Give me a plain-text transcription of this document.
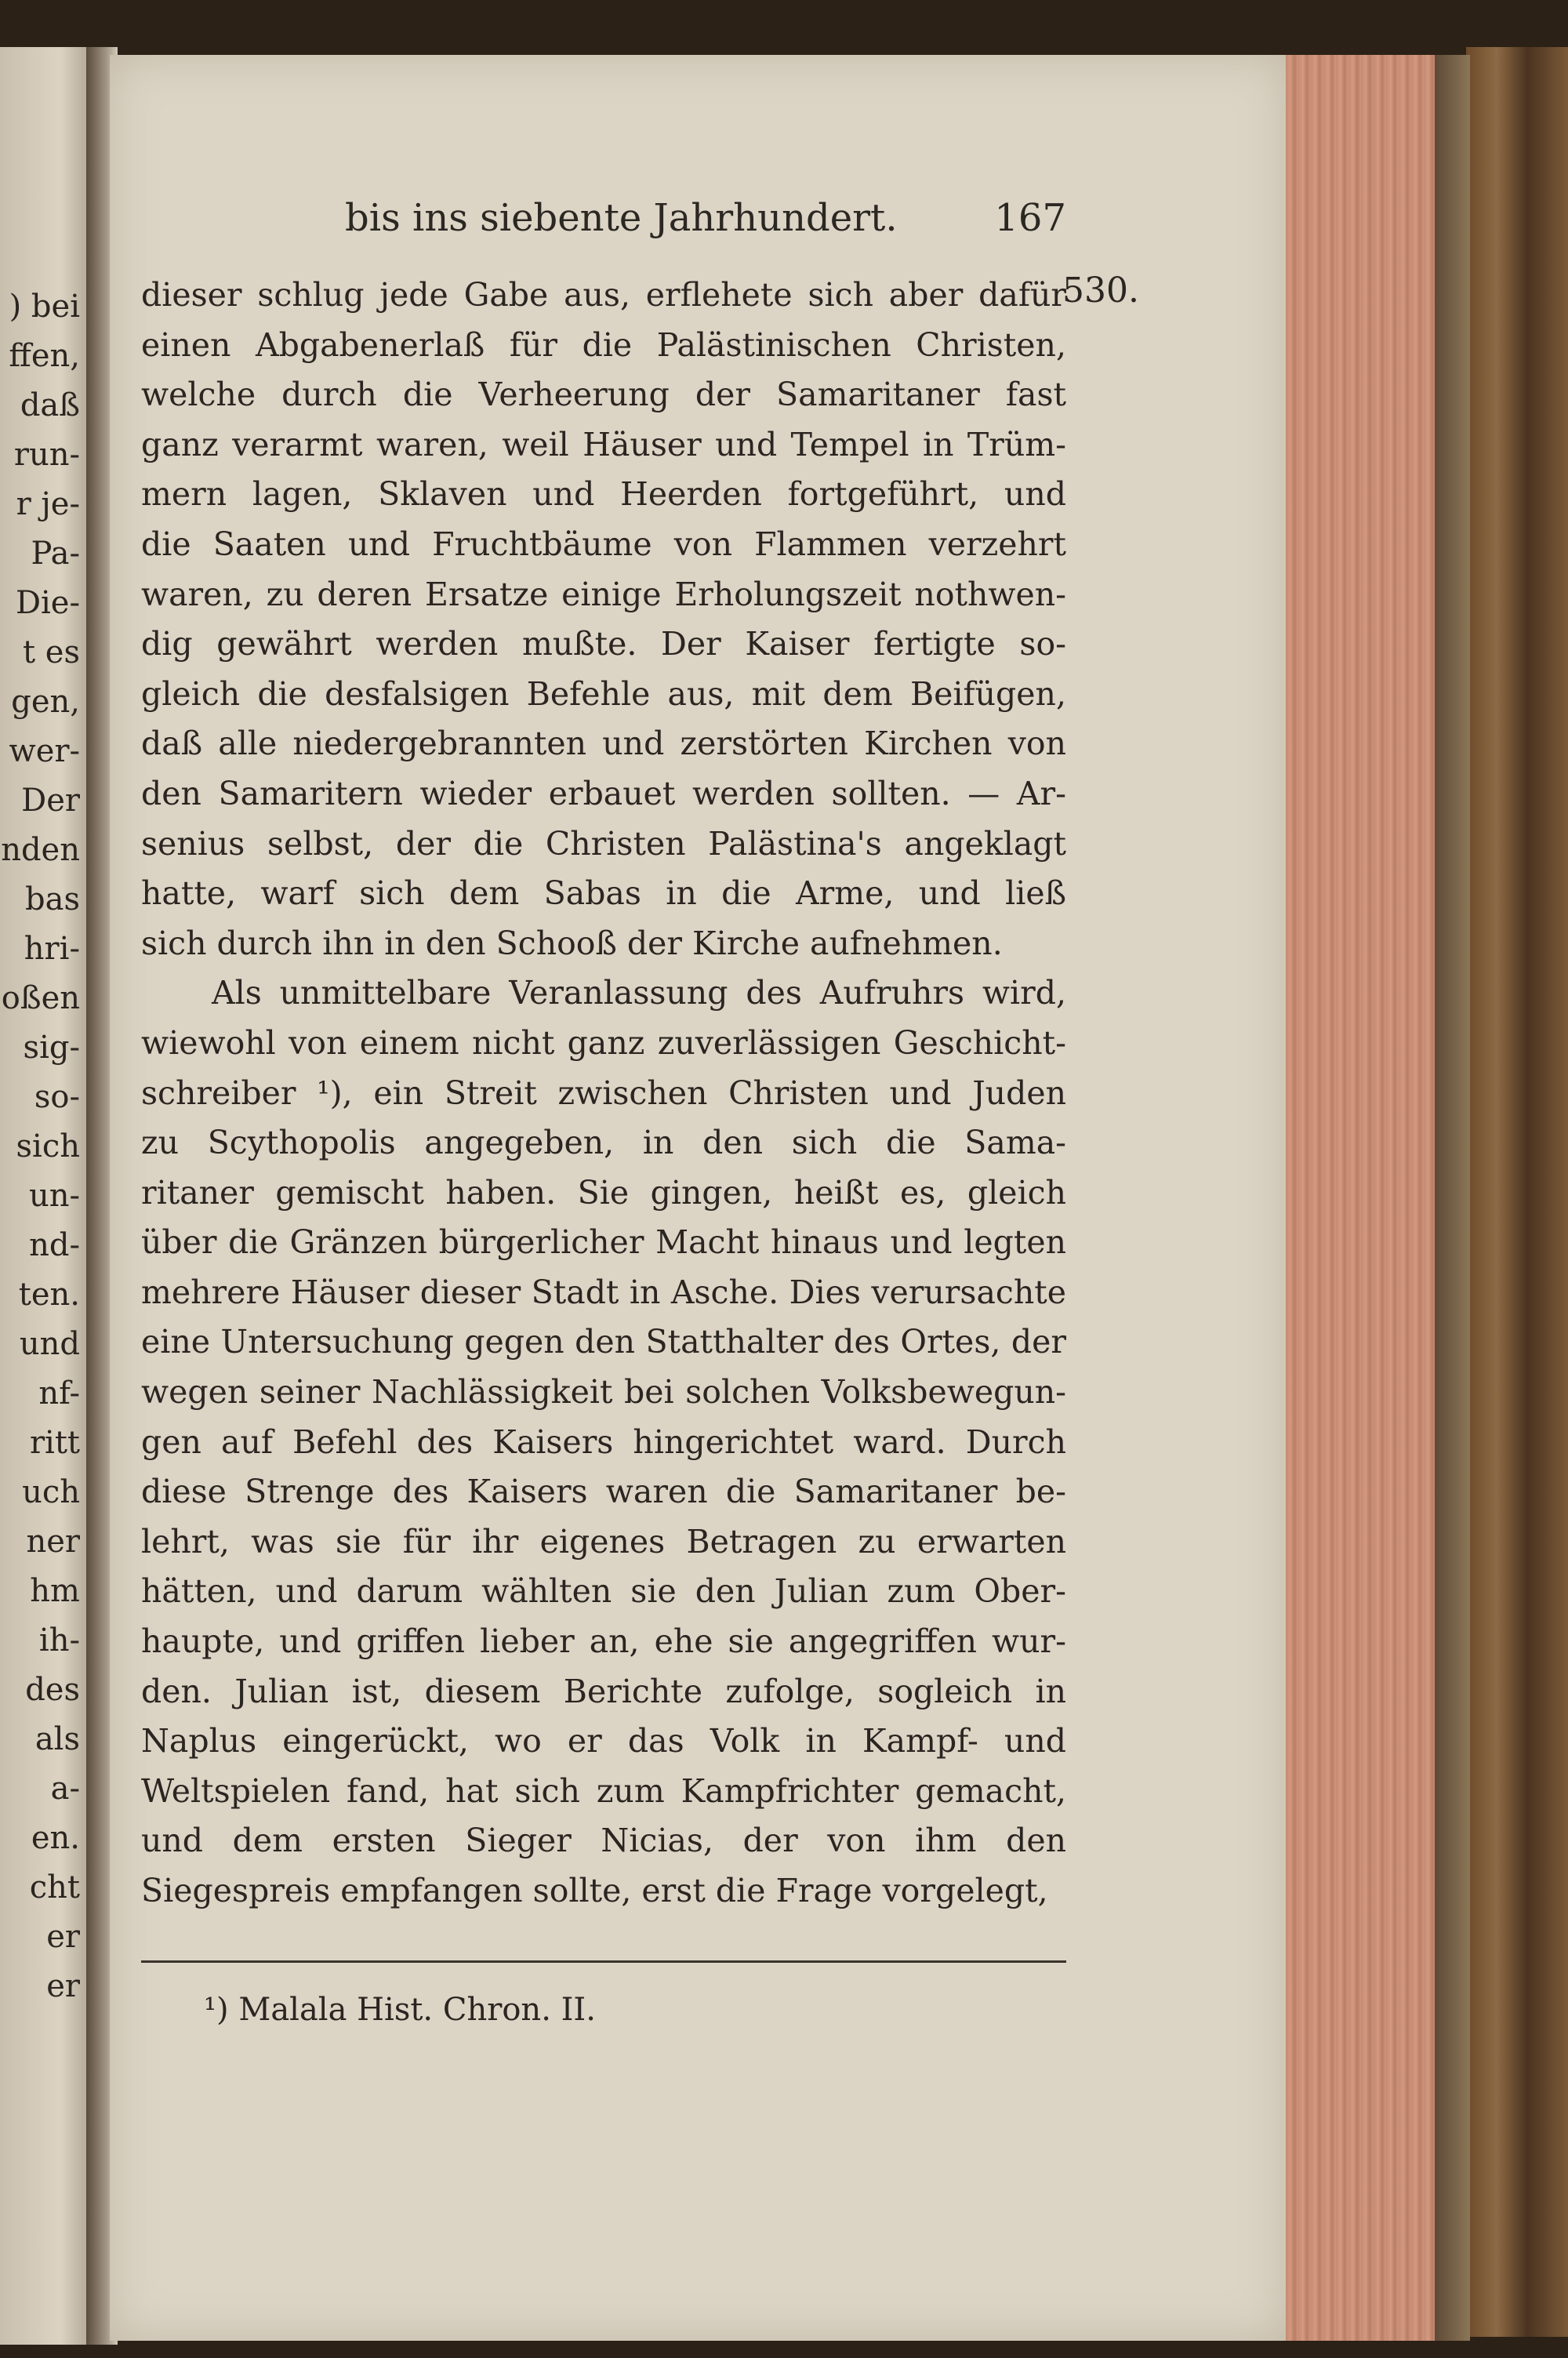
) bei
ffen,
daß
run-
r je-
Pa-
Die-
t es
gen,
wer-
Der
nden
bas
hri-
oßen
sig-
so-
sich
un-
nd-
ten.
und
nf-
ritt
uch
ner
hm
ih-
des
als
a-
en.
cht
er
er
bis ins siebente Jahrhundert.	167
530.
dieser schlug jede Gabe aus, erflehete sich aber dafür
einen Abgabenerlaß für die Palästinischen Christen,
welche durch die Verheerung der Samaritaner fast
ganz verarmt waren, weil Häuser und Tempel in Trüm-
mern lagen, Sklaven und Heerden fortgeführt, und
die Saaten und Fruchtbäume von Flammen verzehrt
waren, zu deren Ersatze einige Erholungszeit nothwen-
dig gewährt werden mußte. Der Kaiser fertigte so-
gleich die desfalsigen Befehle aus, mit dem Beifügen,
daß alle niedergebrannten und zerstörten Kirchen von
den Samaritern wieder erbauet werden sollten. — Ar-
senius selbst, der die Christen Palästina's angeklagt
hatte, warf sich dem Sabas in die Arme, und ließ
sich durch ihn in den Schooß der Kirche aufnehmen.
Als unmittelbare Veranlassung des Aufruhrs wird,
wiewohl von einem nicht ganz zuverlässigen Geschicht-
schreiber ¹), ein Streit zwischen Christen und Juden
zu Scythopolis angegeben, in den sich die Sama-
ritaner gemischt haben. Sie gingen, heißt es, gleich
über die Gränzen bürgerlicher Macht hinaus und legten
mehrere Häuser dieser Stadt in Asche. Dies verursachte
eine Untersuchung gegen den Statthalter des Ortes, der
wegen seiner Nachlässigkeit bei solchen Volksbewegun-
gen auf Befehl des Kaisers hingerichtet ward. Durch
diese Strenge des Kaisers waren die Samaritaner be-
lehrt, was sie für ihr eigenes Betragen zu erwarten
hätten, und darum wählten sie den Julian zum Ober-
haupte, und griffen lieber an, ehe sie angegriffen wur-
den. Julian ist, diesem Berichte zufolge, sogleich in
Naplus eingerückt, wo er das Volk in Kampf- und
Weltspielen fand, hat sich zum Kampfrichter gemacht,
und dem ersten Sieger Nicias, der von ihm den
Siegespreis empfangen sollte, erst die Frage vorgelegt,
¹) Malala Hist. Chron. II.
